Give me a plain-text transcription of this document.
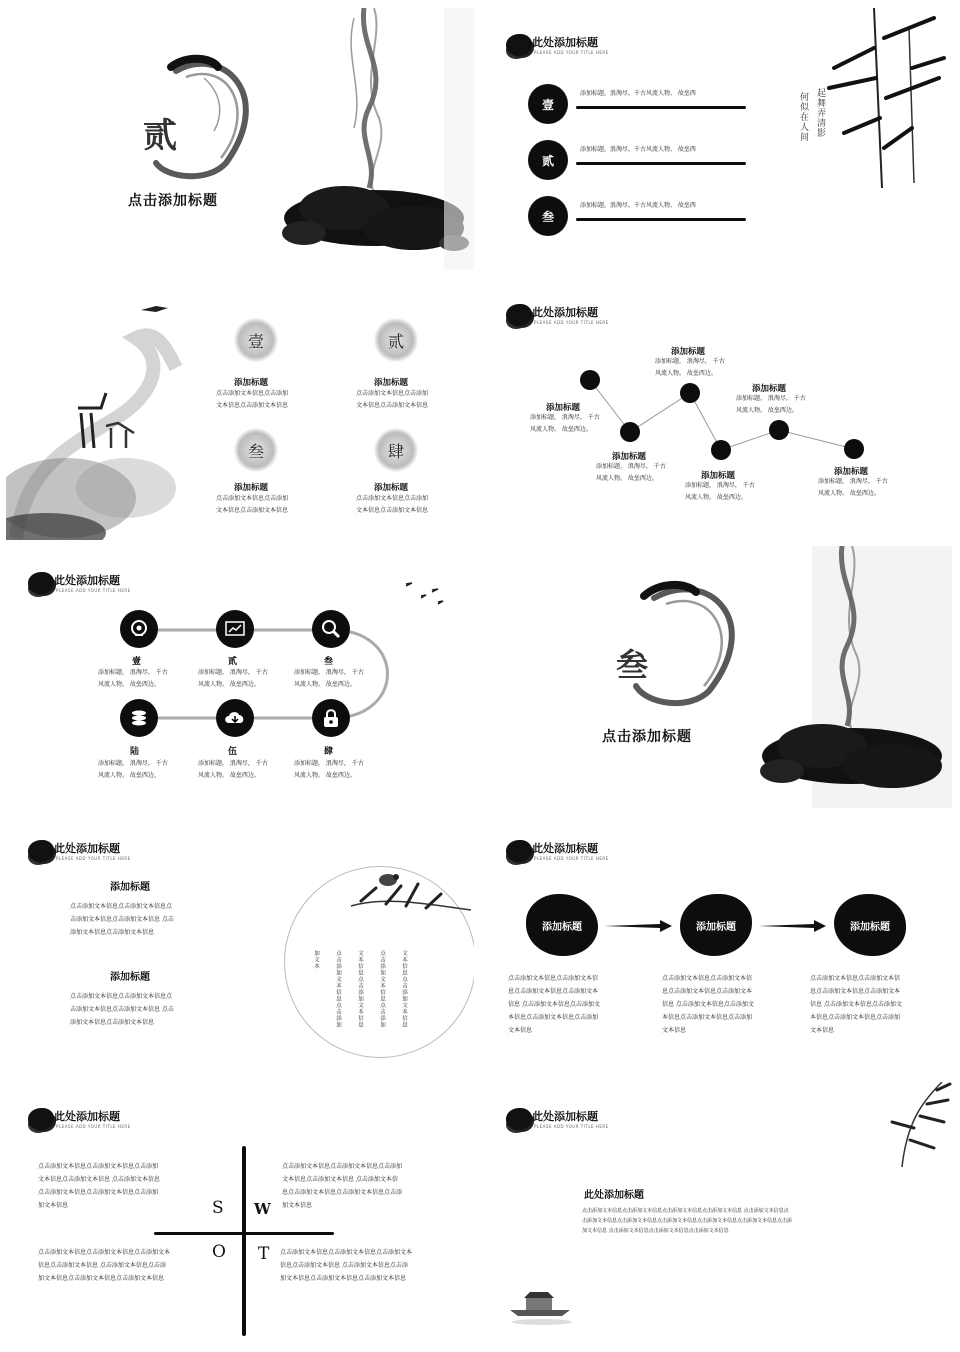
贰
点击添加标题
此处添加标题
PLEASE ADD YOUR TITLE HERE
壹
添加标题，浪淘尽，千古风流人物。 故垒西
贰
添加标题，浪淘尽，千古风流人物。 故垒西
叁
添加标题，浪淘尽，千古风流人物。 故垒西
起舞弄清影
何似在人间
壹
添加标题
点击添加文本信息点击添加
文本信息点击添加文本信息
贰
添加标题
点击添加文本信息点击添加
文本信息点击添加文本信息
叁
添加标题
点击添加文本信息点击添加
文本信息点击添加文本信息
肆
添加标题
点击添加文本信息点击添加
文本信息点击添加文本信息
此处添加标题
PLEASE ADD YOUR TITLE HERE
添加标题
添加标题， 浪淘尽， 千古
风流人物。 故垒西边。
添加标题
添加标题， 浪淘尽， 千古
风流人物。 故垒西边。
添加标题
添加标题， 浪淘尽， 千古
风流人物。 故垒西边。
添加标题
添加标题， 浪淘尽， 千古
风流人物。 故垒西边。
添加标题
添加标题， 浪淘尽， 千古
风流人物。 故垒西边。
添加标题
添加标题， 浪淘尽， 千古
风流人物。 故垒西边。
此处添加标题
PLEASE ADD YOUR TITLE HERE
壹
添加标题， 浪淘尽， 千古
风流人物。 故垒西边。
贰
添加标题， 浪淘尽， 千古
风流人物。 故垒西边。
叁
添加标题， 浪淘尽， 千古
风流人物。 故垒西边。
陆
添加标题， 浪淘尽， 千古
风流人物。 故垒西边。
伍
添加标题， 浪淘尽， 千古
风流人物。 故垒西边。
肆
添加标题， 浪淘尽， 千古
风流人物。 故垒西边。
叁
点击添加标题
此处添加标题
PLEASE ADD YOUR TITLE HERE
添加标题
点击添加文本信息点击添加文本信息点
击添加文本信息点击添加文本信息 点击
添加文本信息点击添加文本信息
添加标题
点击添加文本信息点击添加文本信息点
击添加文本信息点击添加文本信息 点击
添加文本信息点击添加文本信息	文本信息点击添加文本信息
点击添加文本信息点击添加
文本信息点击添加文本信息
点击添加文本信息点击添加
加文本
此处添加标题
PLEASE ADD YOUR TITLE HERE
添加标题	添加标题	添加标题
点击添加文本信息点击添加文本信
息点击添加文本信息点击添加文本
信息 点击添加文本信息点击添加文
本信息点击添加文本信息点击添加
文本信息
点击添加文本信息点击添加文本信
息点击添加文本信息点击添加文本
信息 点击添加文本信息点击添加文
本信息点击添加文本信息点击添加
文本信息
点击添加文本信息点击添加文本信
息点击添加文本信息点击添加文本
信息 点击添加文本信息点击添加文
本信息点击添加文本信息点击添加
文本信息
此处添加标题
PLEASE ADD YOUR TITLE HERE
S W
O T
点击添加文本信息点击添加文本信息点击添加
文本信息点击添加文本信息 点击添加文本信息
点击添加文本信息点击添加文本信息点击添加
加文本信息
点击添加文本信息点击添加文本信息点击添加
文本信息点击添加文本信息 点击添加文本信
息点击添加文本信息点击添加文本信息点击添
加文本信息
点击添加文本信息点击添加文本信息点击添加文本
信息点击添加文本信息 点击添加文本信息点击添
加文本信息点击添加文本信息点击添加文本信息
点击添加文本信息点击添加文本信息点击添加文本
信息点击添加文本信息 点击添加文本信息点击添
加文本信息点击添加文本信息点击添加文本信息
此处添加标题
PLEASE ADD YOUR TITLE HERE
此处添加标题
点击添加文本信息点击添加文本信息点击添加文本信息点击添加文本信息 点击添加文本信息点
击添加文本信息点击添加文本信息点击添加文本信息点击添加文本信息点击添加文本信息点击添
加文本信息 点击添加文本信息点击添加文本信息点击添加文本信息
